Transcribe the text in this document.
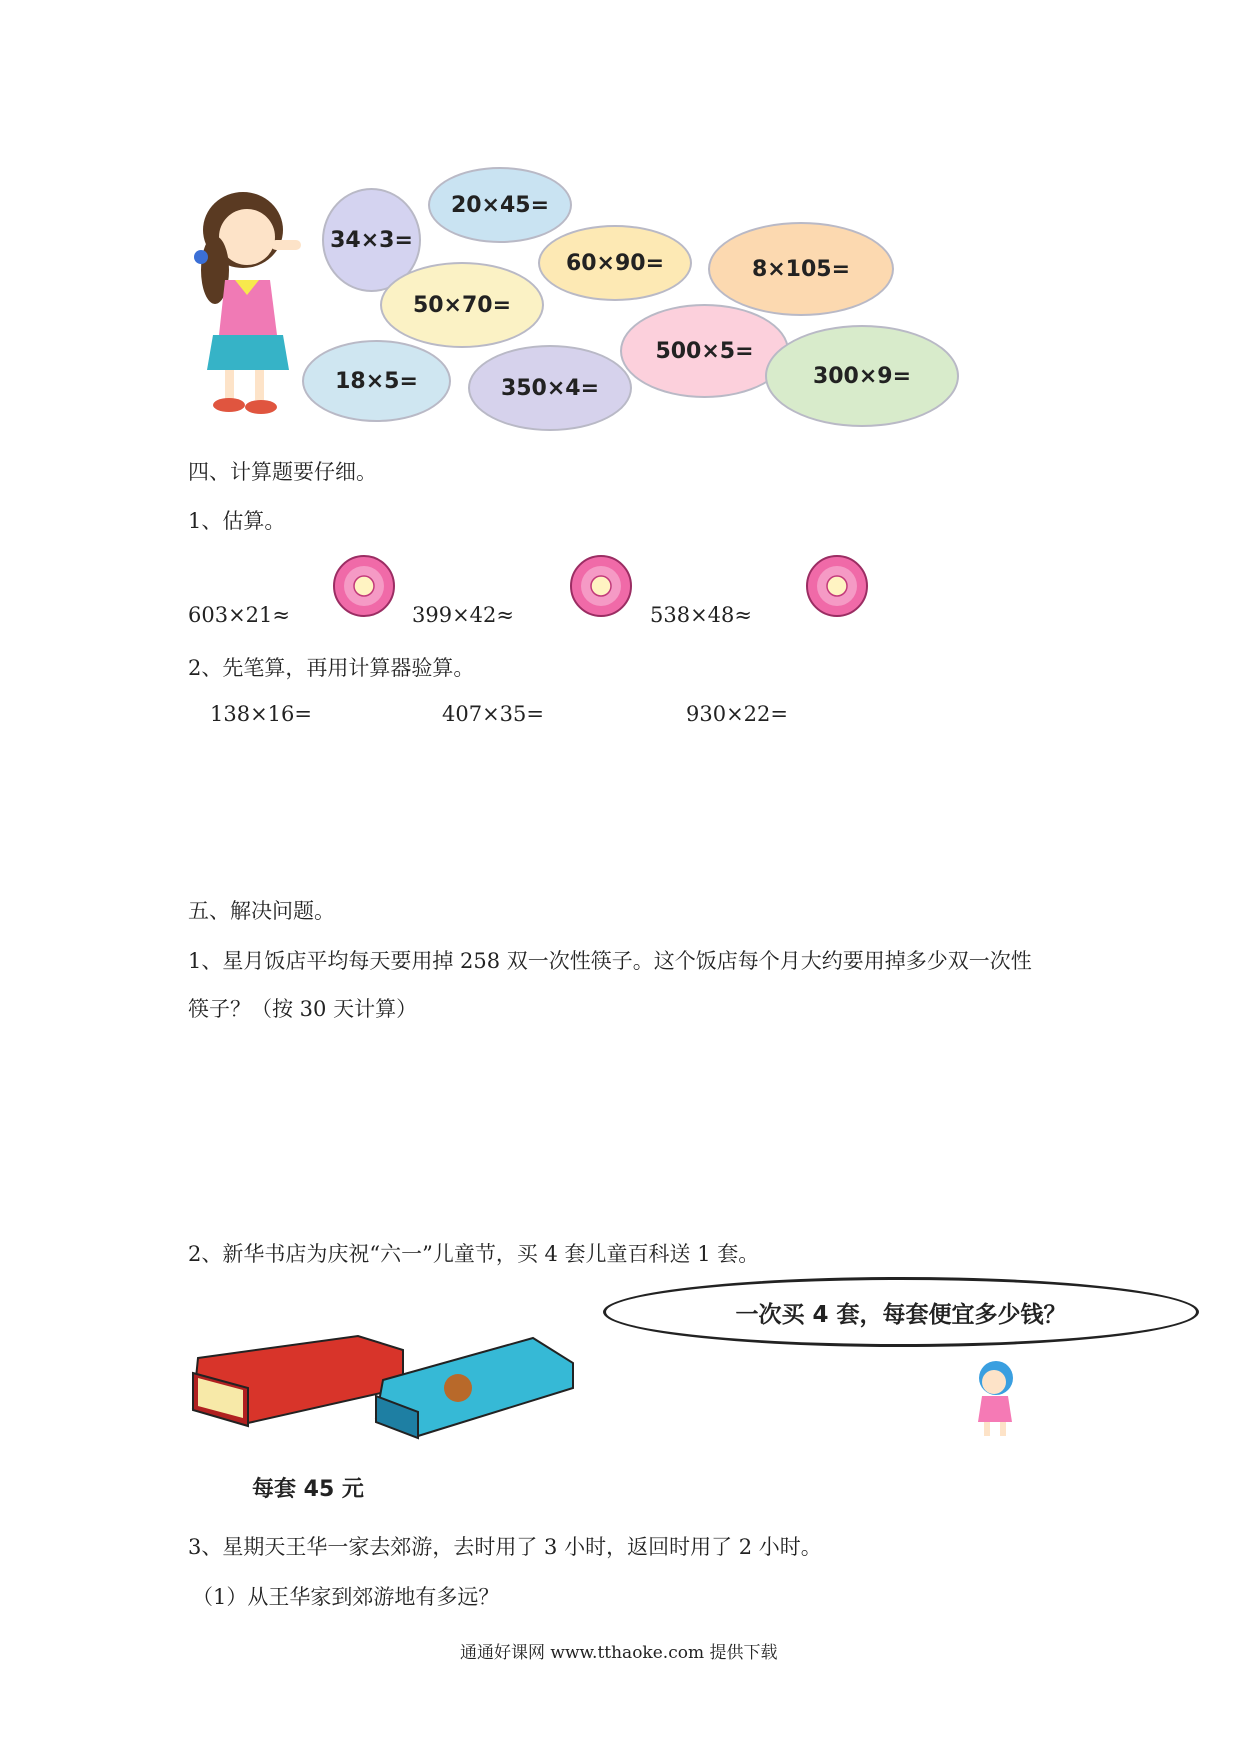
34×3=
20×45=
60×90=	8×105=
50×70=
500×5=
300×9=
18×5=	350×4=
四、计算题要仔细。
1、估算。
603×21≈	399×42≈	538×48≈
2、先笔算，再用计算器验算。
138×16=	407×35=	930×22=
五、解决问题。
1、星月饭店平均每天要用掉 258 双一次性筷子。这个饭店每个月大约要用掉多少双一次性
筷子？（按 30 天计算）
2、新华书店为庆祝“六一”儿童节，买 4 套儿童百科送 1 套。
一次买 4 套，每套便宜多少钱？
每套 45 元
3、星期天王华一家去郊游，去时用了 3 小时，返回时用了 2 小时。
（1）从王华家到郊游地有多远？
通通好课网 www.tthaoke.com 提供下载
